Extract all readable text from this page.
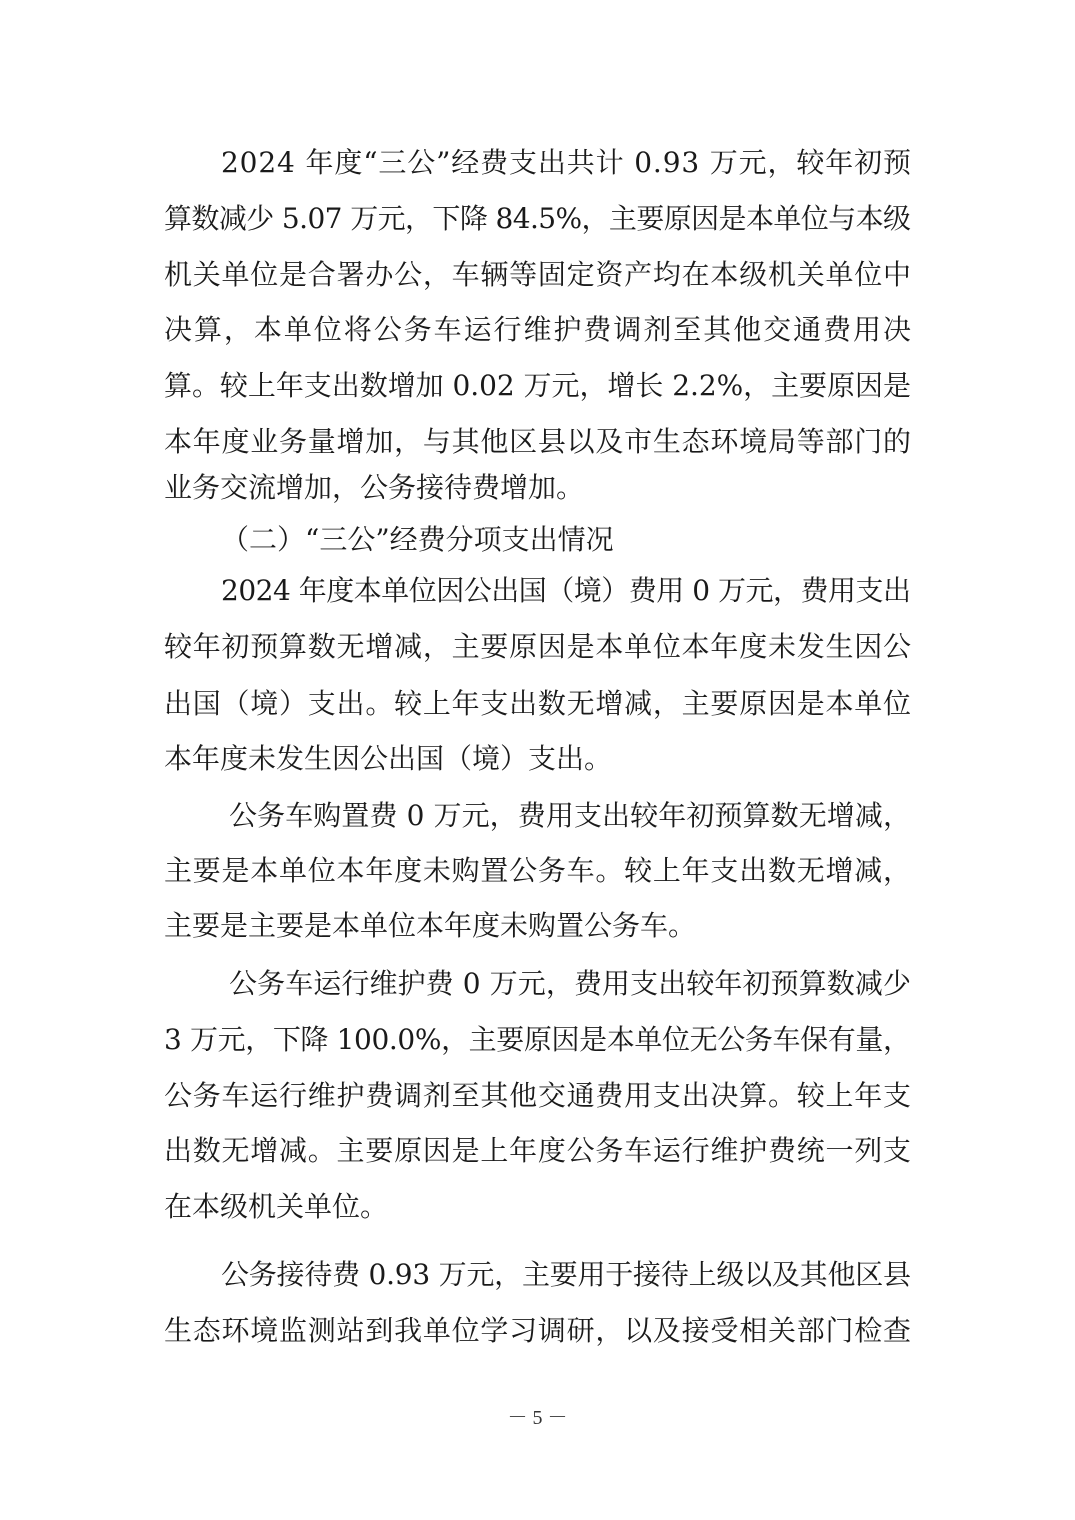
2024 年度“三公”经费支出共计 0.93 万元，较年初预
算数减少 5.07 万元，下降 84.5%，主要原因是本单位与本级
机关单位是合署办公，车辆等固定资产均在本级机关单位中
决算，本单位将公务车运行维护费调剂至其他交通费用决
算。较上年支出数增加 0.02 万元，增长 2.2%，主要原因是
本年度业务量增加，与其他区县以及市生态环境局等部门的
业务交流增加，公务接待费增加。
（二）“三公”经费分项支出情况
2024 年度本单位因公出国（境）费用 0 万元，费用支出
较年初预算数无增减，主要原因是本单位本年度未发生因公
出国（境）支出。较上年支出数无增减，主要原因是本单位
本年度未发生因公出国（境）支出。
公务车购置费 0 万元，费用支出较年初预算数无增减，
主要是本单位本年度未购置公务车。较上年支出数无增减，
主要是主要是本单位本年度未购置公务车。
公务车运行维护费 0 万元，费用支出较年初预算数减少
3 万元，下降 100.0%，主要原因是本单位无公务车保有量，
公务车运行维护费调剂至其他交通费用支出决算。较上年支
出数无增减。主要原因是上年度公务车运行维护费统一列支
在本级机关单位。
公务接待费 0.93 万元，主要用于接待上级以及其他区县
生态环境监测站到我单位学习调研，以及接受相关部门检查
－ 5 －
